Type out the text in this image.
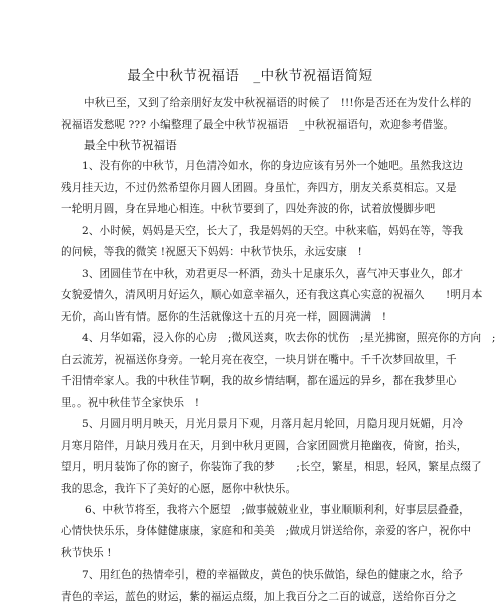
最全中秋节祝福语　_中秋节祝福语简短
中秋已至，又到了给亲朋好友发中秋祝福语的时候了　!!!你是否还在为发什么样的
祝福语发愁呢 ??? 小编整理了最全中秋节祝福语　_中秋祝福语句，欢迎参考借鉴。
最全中秋节祝福语
1、没有你的中秋节，月色清冷如水，你的身边应该有另外一个她吧。虽然我这边
残月挂天边，不过仍然希望你月圆人团圆。身虽忙，奔四方，朋友关系莫相忘。又是
一轮明月圆，身在异地心相连。中秋节要到了，四处奔波的你，试着放慢脚步吧
2、小时候，妈妈是天空，长大了，我是妈妈的天空。中秋来临，妈妈在等，等我
的问候，等我的微笑 !祝愿天下妈妈：中秋节快乐，永远安康　!
3、团圆佳节在中秋，劝君更尽一杯酒，劲头十足康乐久，喜气冲天事业久，郎才
女貌爱情久，清风明月好运久，顺心如意幸福久，还有我这真心实意的祝福久　　!明月本
无价，高山皆有情。愿你的生活就像这十五的月亮一样，圆圆满满　!
4、月华如霜，浸入你的心房　;微风送爽，吹去你的忧伤　;星光拂窗，照亮你的方向　;
白云流芳，祝福送你身旁。一轮月亮在夜空，一块月饼在嘴中。千千次梦回故里，千
千泪情牵家人。我的中秋佳节啊，我的故乡情结啊，都在遥远的异乡，都在我梦里心
里。。祝中秋佳节全家快乐　!
5、月圆月明月映天，月光月景月下观，月落月起月轮回，月隐月现月妩媚，月冷
月寒月陪伴，月缺月残月在天，月到中秋月更圆，合家团圆赏月艳幽夜，倚窗，抬头，
望月，明月装饰了你的窗子，你装饰了我的梦　　;长空，繁星，相思，轻风，繁星点缀了
我的思念，我许下了美好的心愿，愿你中秋快乐。
6、中秋节将至，我将六个愿望　;做事兢兢业业，事业顺顺利利，好事层层叠叠，
心情快快乐乐，身体健健康康，家庭和和美美　;做成月饼送给你，亲爱的客户，祝你中
秋节快乐 !
7、用红色的热情牵引，橙的幸福做皮，黄色的快乐做馅，绿色的健康之水，给予
青色的幸运，蓝色的财运，紫的福运点缀，加上我百分之二百的诚意，送给你百分之
